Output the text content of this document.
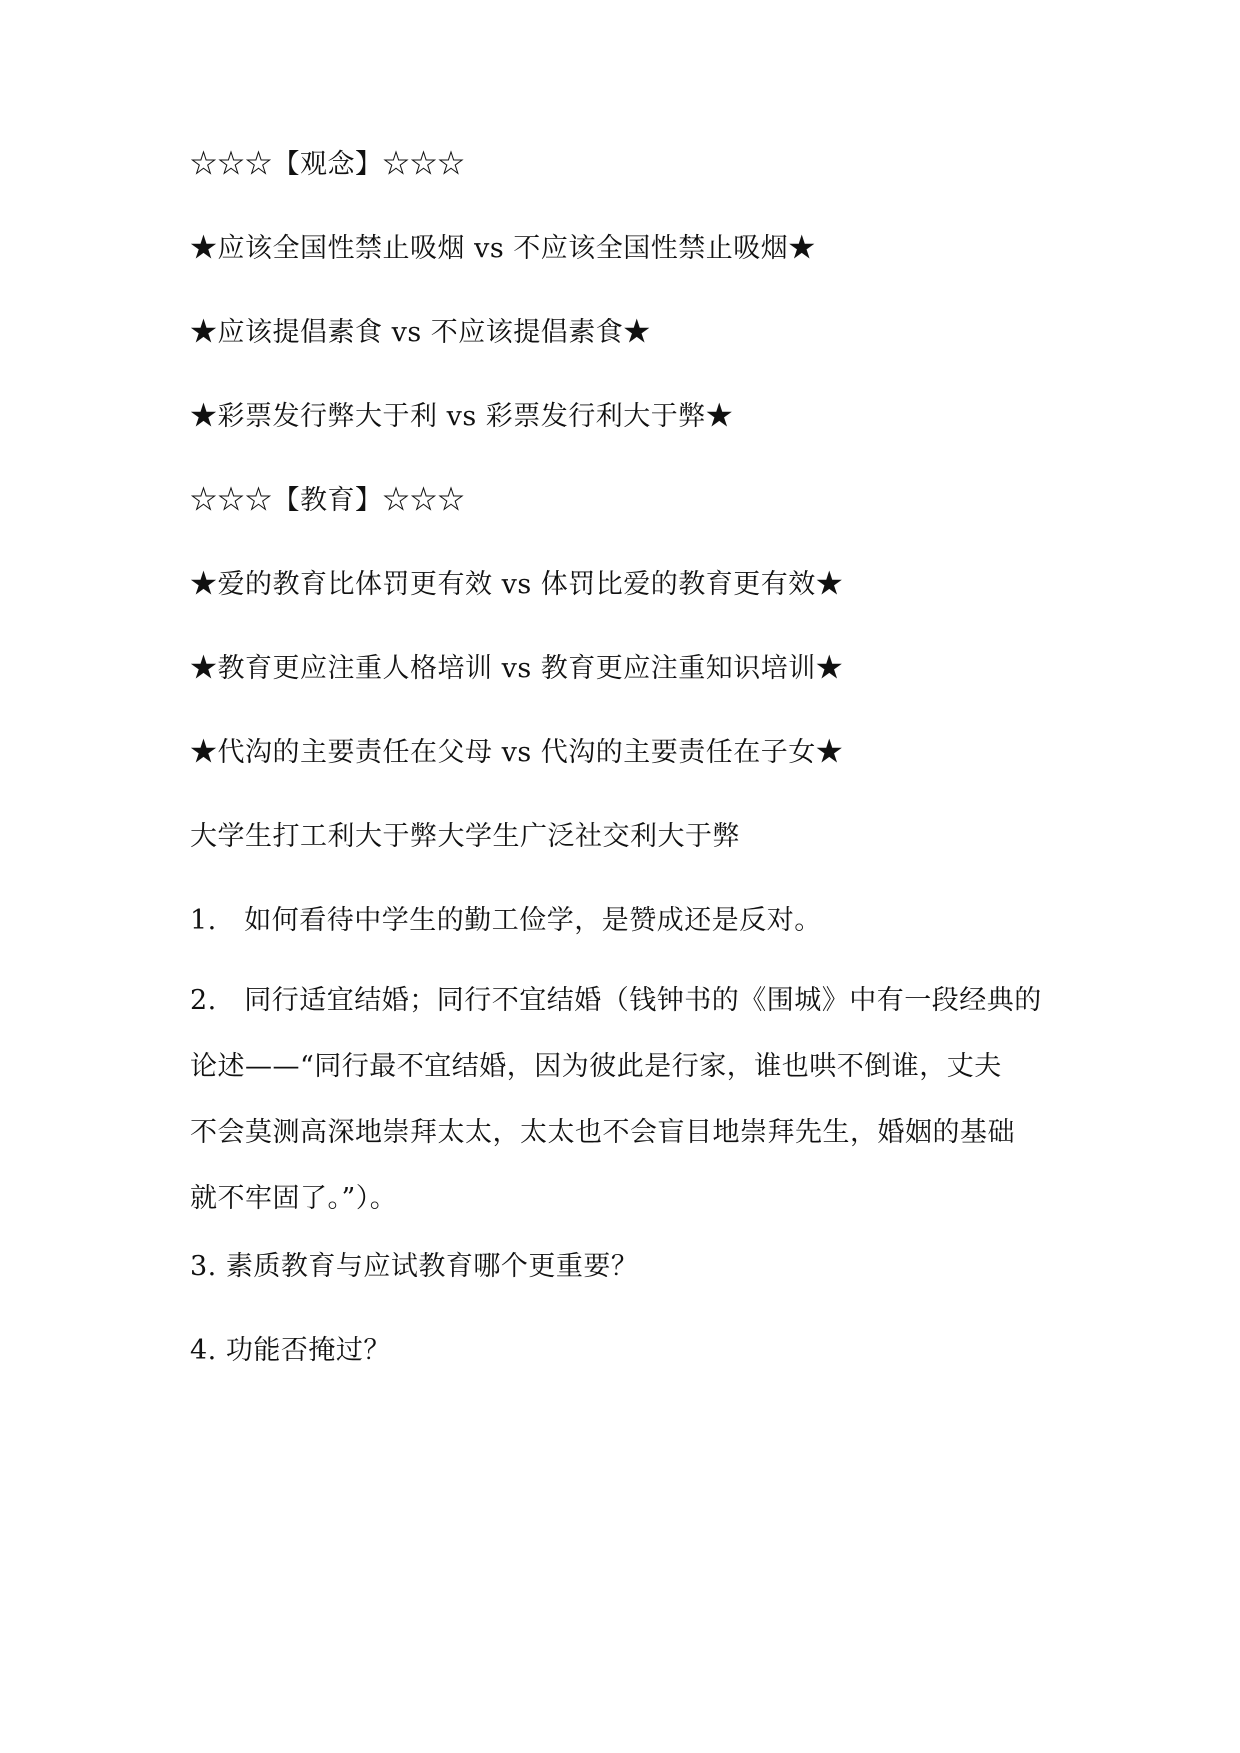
☆☆☆【观念】☆☆☆
★应该全国性禁止吸烟 vs 不应该全国性禁止吸烟★
★应该提倡素食 vs 不应该提倡素食★
★彩票发行弊大于利 vs 彩票发行利大于弊★
☆☆☆【教育】☆☆☆
★爱的教育比体罚更有效 vs 体罚比爱的教育更有效★
★教育更应注重人格培训 vs 教育更应注重知识培训★
★代沟的主要责任在父母 vs 代沟的主要责任在子女★
大学生打工利大于弊大学生广泛社交利大于弊
1.　如何看待中学生的勤工俭学，是赞成还是反对。
2.　同行适宜结婚；同行不宜结婚（钱钟书的《围城》中有一段经典的
论述——“同行最不宜结婚，因为彼此是行家，谁也哄不倒谁，丈夫
不会莫测高深地崇拜太太，太太也不会盲目地崇拜先生，婚姻的基础
就不牢固了。”）。
3. 素质教育与应试教育哪个更重要？
4. 功能否掩过？
